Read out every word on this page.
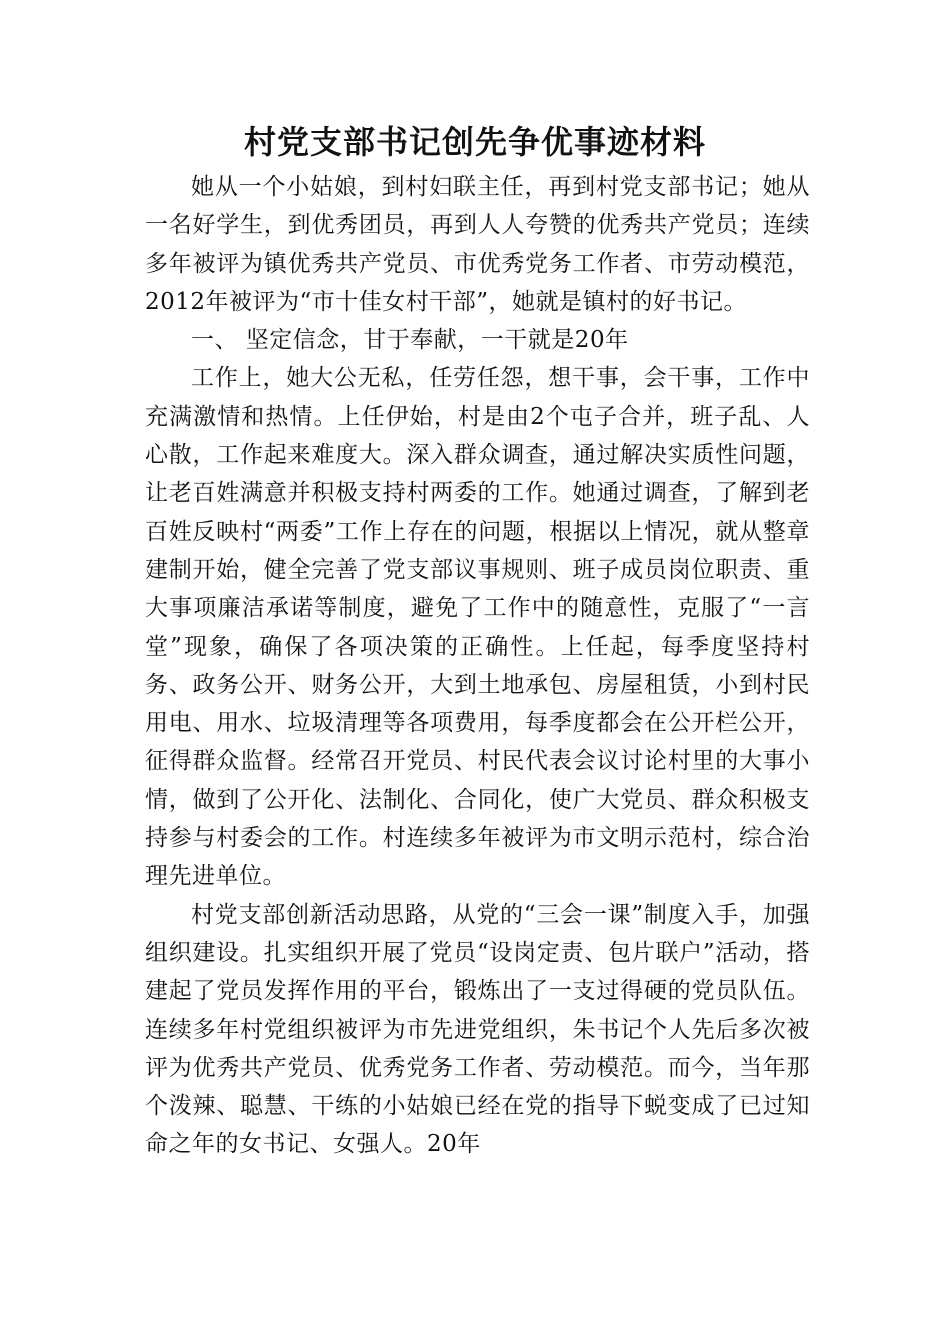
村党支部书记创先争优事迹材料

她从一个小姑娘，到村妇联主任，再到村党支部书记；她从一名好学生，到优秀团员，再到人人夸赞的优秀共产党员；连续多年被评为镇优秀共产党员、市优秀党务工作者、市劳动模范，2012年被评为“市十佳女村干部”，她就是镇村的好书记。

一、 坚定信念，甘于奉献，一干就是20年

工作上，她大公无私，任劳任怨，想干事，会干事，工作中充满激情和热情。上任伊始，村是由2个屯子合并，班子乱、人心散，工作起来难度大。深入群众调查，通过解决实质性问题，让老百姓满意并积极支持村两委的工作。她通过调查，了解到老百姓反映村“两委”工作上存在的问题，根据以上情况，就从整章建制开始，健全完善了党支部议事规则、班子成员岗位职责、重大事项廉洁承诺等制度，避免了工作中的随意性，克服了“一言堂”现象，确保了各项决策的正确性。上任起，每季度坚持村务、政务公开、财务公开，大到土地承包、房屋租赁，小到村民用电、用水、垃圾清理等各项费用，每季度都会在公开栏公开，征得群众监督。经常召开党员、村民代表会议讨论村里的大事小情，做到了公开化、法制化、合同化，使广大党员、群众积极支持参与村委会的工作。村连续多年被评为市文明示范村，综合治理先进单位。

村党支部创新活动思路，从党的“三会一课”制度入手，加强组织建设。扎实组织开展了党员“设岗定责、包片联户”活动，搭建起了党员发挥作用的平台，锻炼出了一支过得硬的党员队伍。连续多年村党组织被评为市先进党组织，朱书记个人先后多次被评为优秀共产党员、优秀党务工作者、劳动模范。而今，当年那个泼辣、聪慧、干练的小姑娘已经在党的指导下蜕变成了已过知命之年的女书记、女强人。20年
